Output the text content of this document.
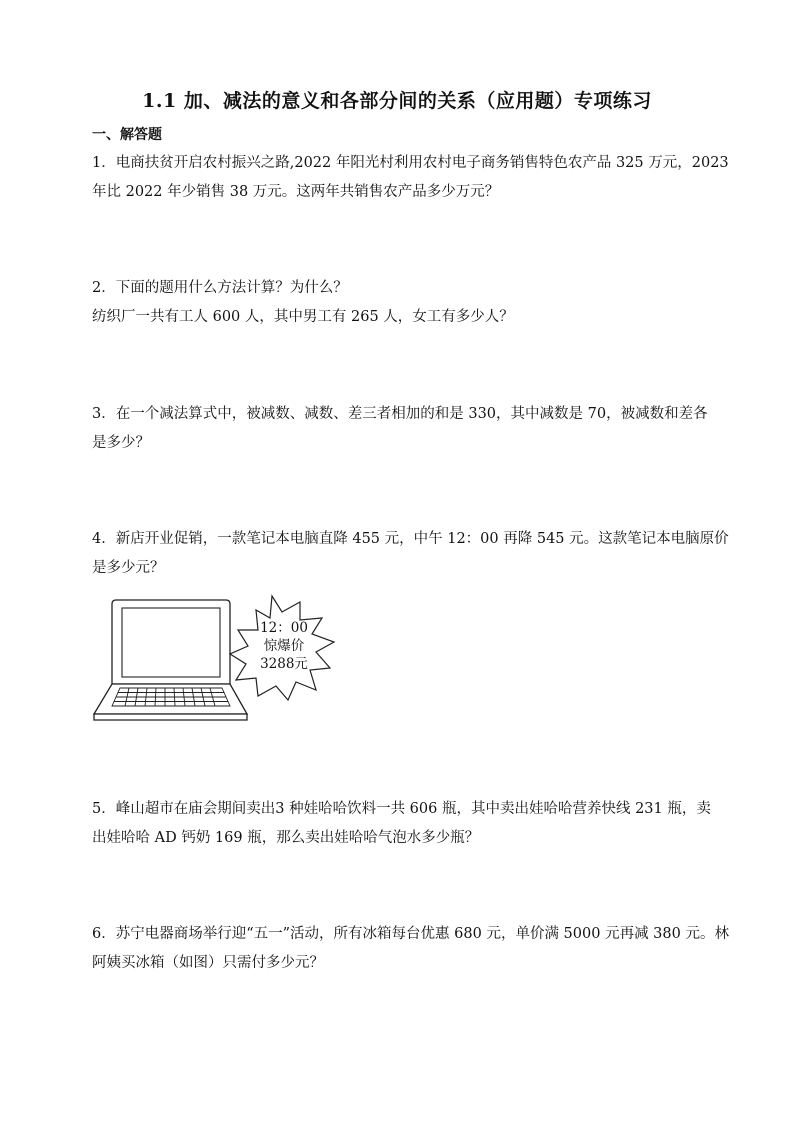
1.1 加、减法的意义和各部分间的关系（应用题）专项练习
一、解答题

1．电商扶贫开启农村振兴之路,2022 年阳光村利用农村电子商务销售特色农产品 325 万元，2023

年比 2022 年少销售 38 万元。这两年共销售农产品多少万元？

2．下面的题用什么方法计算？为什么？

纺织厂一共有工人 600 人，其中男工有 265 人，女工有多少人？

3．在一个减法算式中，被减数、减数、差三者相加的和是 330，其中减数是 70，被减数和差各

是多少？

4．新店开业促销，一款笔记本电脑直降 455 元，中午 12：00 再降 545 元。这款笔记本电脑原价

是多少元？

12：00
惊爆价
3288元

5．峰山超市在庙会期间卖出3 种娃哈哈饮料一共 606 瓶，其中卖出娃哈哈营养快线 231 瓶，卖

出娃哈哈 AD 钙奶 169 瓶，那么卖出娃哈哈气泡水多少瓶？

6．苏宁电器商场举行迎“五一”活动，所有冰箱每台优惠 680 元，单价满 5000 元再减 380 元。林

阿姨买冰箱（如图）只需付多少元？
